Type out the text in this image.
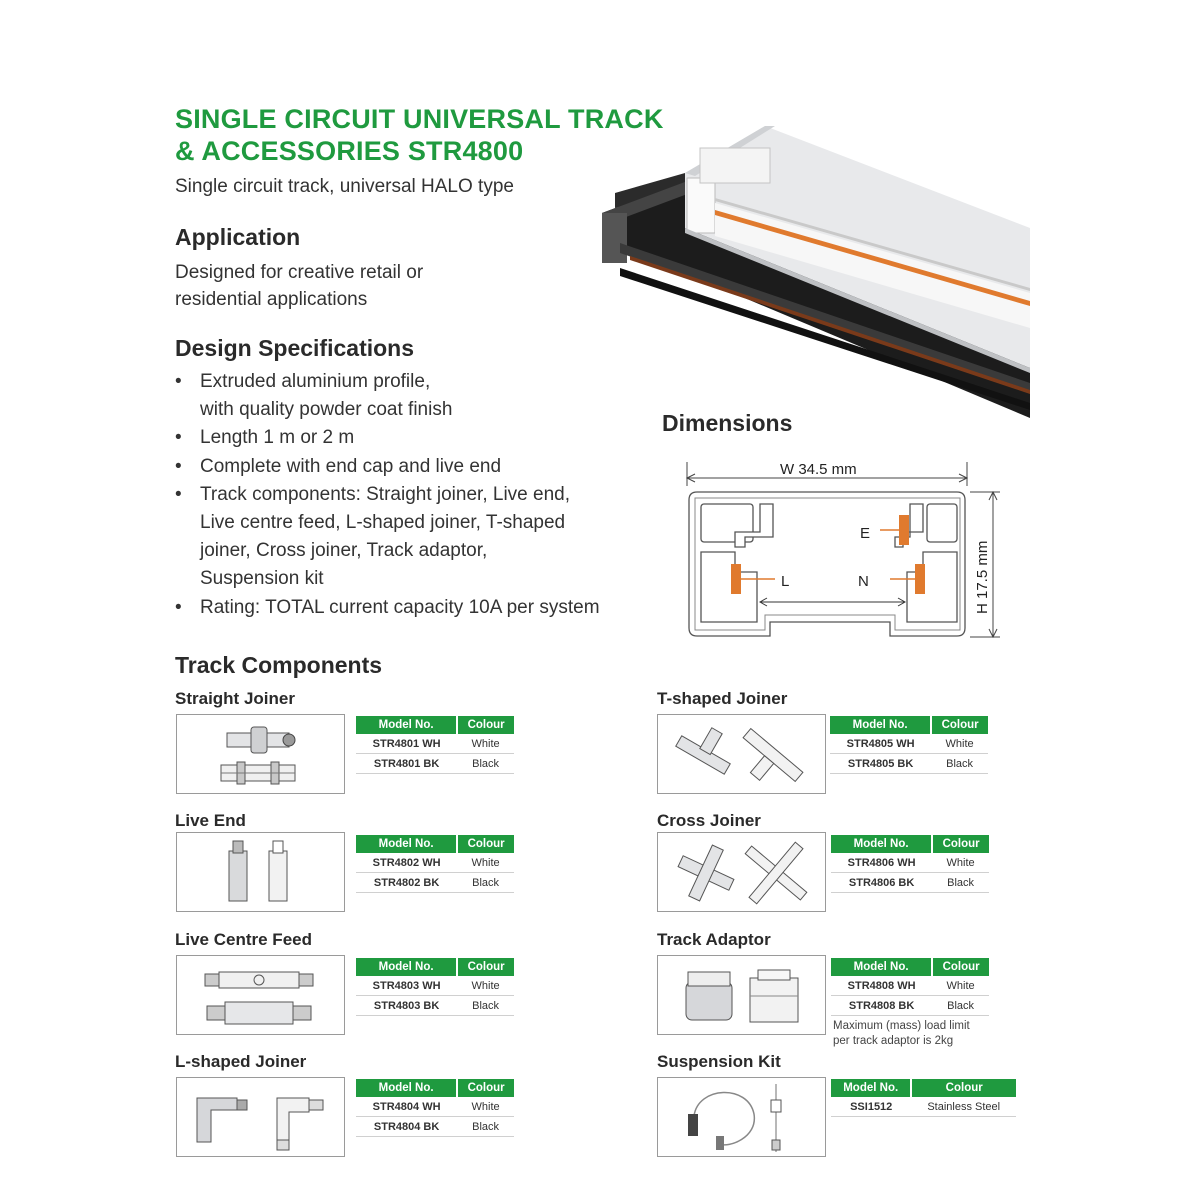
SINGLE CIRCUIT UNIVERSAL TRACK
& ACCESSORIES STR4800
Single circuit track, universal HALO type
Application
Designed for creative retail or
residential applications
Design Specifications
• Extruded aluminium profile,
with quality powder coat finish
• Length 1 m or 2 m
• Complete with end cap and live end
• Track components: Straight joiner, Live end,
Live centre feed, L-shaped joiner, T-shaped
joiner, Cross joiner, Track adaptor,
Suspension kit
• Rating: TOTAL current capacity 10A per system
Dimensions
W 34.5 mm
E
L	N	H 17.5 mm
Track Components
Straight Joiner
Model No.	Colour
STR4801 WH	White
STR4801 BK	Black
T-shaped Joiner
Model No.	Colour
STR4805 WH	White
STR4805 BK	Black
Live End
Model No.	Colour
STR4802 WH	White
STR4802 BK	Black
Cross Joiner
Model No.	Colour
STR4806 WH	White
STR4806 BK	Black
Live Centre Feed
Model No.	Colour
STR4803 WH	White
STR4803 BK	Black
Track Adaptor
Model No.	Colour
STR4808 WH	White
STR4808 BK	Black
Maximum (mass) load limit
per track adaptor is 2kg
L-shaped Joiner
Model No.	Colour
STR4804 WH	White
STR4804 BK	Black
Suspension Kit
Model No.	Colour
SSI1512	Stainless Steel
